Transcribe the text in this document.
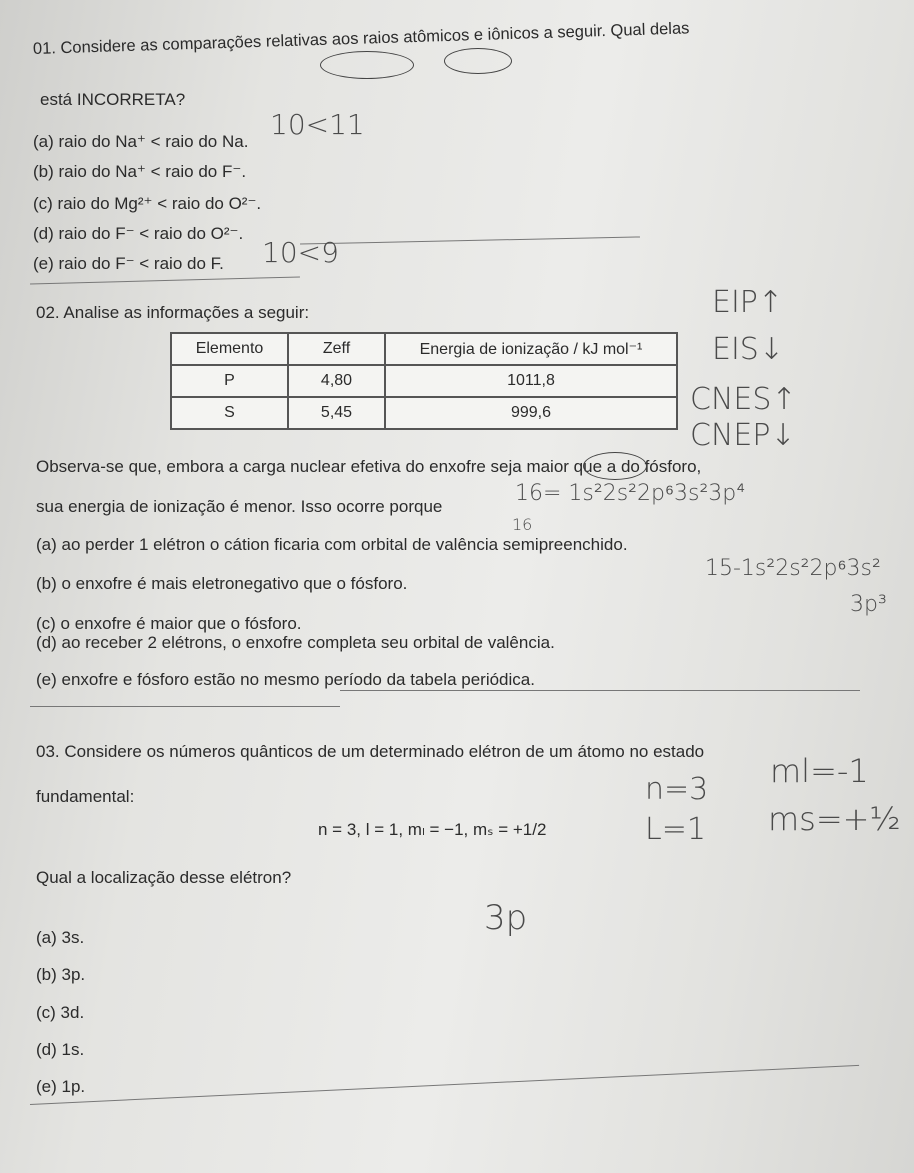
01. Considere as comparações relativas aos raios atômicos e iônicos a seguir. Qual delas
está INCORRETA?
(a) raio do Na⁺ < raio do Na.
(b) raio do Na⁺ < raio do F⁻.
(c) raio do Mg²⁺ < raio do O²⁻.
(d) raio do F⁻ < raio do O²⁻.
(e) raio do F⁻ < raio do F.
10<11
10<9
02. Analise as informações a seguir:
Elemento	Zeff	Energia de ionização / kJ mol⁻¹
P	4,80	1011,8
S	5,45	999,6
EIP↑
EIS↓
CNES↑
CNEP↓
Observa-se que, embora a carga nuclear efetiva do enxofre seja maior que a do fósforo,
sua energia de ionização é menor. Isso ocorre porque
16= 1s²2s²2p⁶3s²3p⁴
16
(a) ao perder 1 elétron o cátion ficaria com orbital de valência semipreenchido.
(b) o enxofre é mais eletronegativo que o fósforo.
(c) o enxofre é maior que o fósforo.
(d) ao receber 2 elétrons, o enxofre completa seu orbital de valência.
(e) enxofre e fósforo estão no mesmo período da tabela periódica.
15-1s²2s²2p⁶3s²
3p³
03. Considere os números quânticos de um determinado elétron de um átomo no estado
fundamental:
n = 3, l = 1, mₗ = −1, mₛ = +1/2
Qual a localização desse elétron?
n=3
L=1
ml=-1
ms=+½
(a) 3s.
(b) 3p.
(c) 3d.
(d) 1s.
(e) 1p.
3p
